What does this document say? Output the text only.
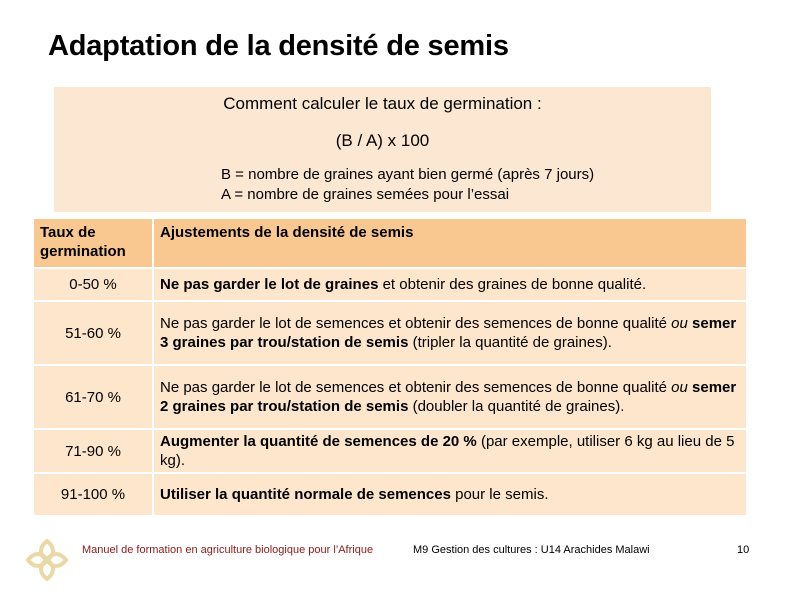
Adaptation de la densité de semis
Comment calculer le taux de germination :
(B / A) x 100
B = nombre de graines ayant bien germé (après 7 jours)
A = nombre de graines semées pour l’essai
Taux de germination	Ajustements de la densité de semis
0-50 %	Ne pas garder le lot de graines et obtenir des graines de bonne qualité.
51-60 %	Ne pas garder le lot de semences et obtenir des semences de bonne qualité ou semer 3 graines par trou/station de semis (tripler la quantité de graines).
61-70 %	Ne pas garder le lot de semences et obtenir des semences de bonne qualité ou semer 2 graines par trou/station de semis (doubler la quantité de graines).
71-90 %	Augmenter la quantité de semences de 20 % (par exemple, utiliser 6 kg au lieu de 5 kg).
91-100 %	Utiliser la quantité normale de semences pour le semis.
Manuel de formation en agriculture biologique pour l’Afrique	M9 Gestion des cultures : U14 Arachides Malawi	10
